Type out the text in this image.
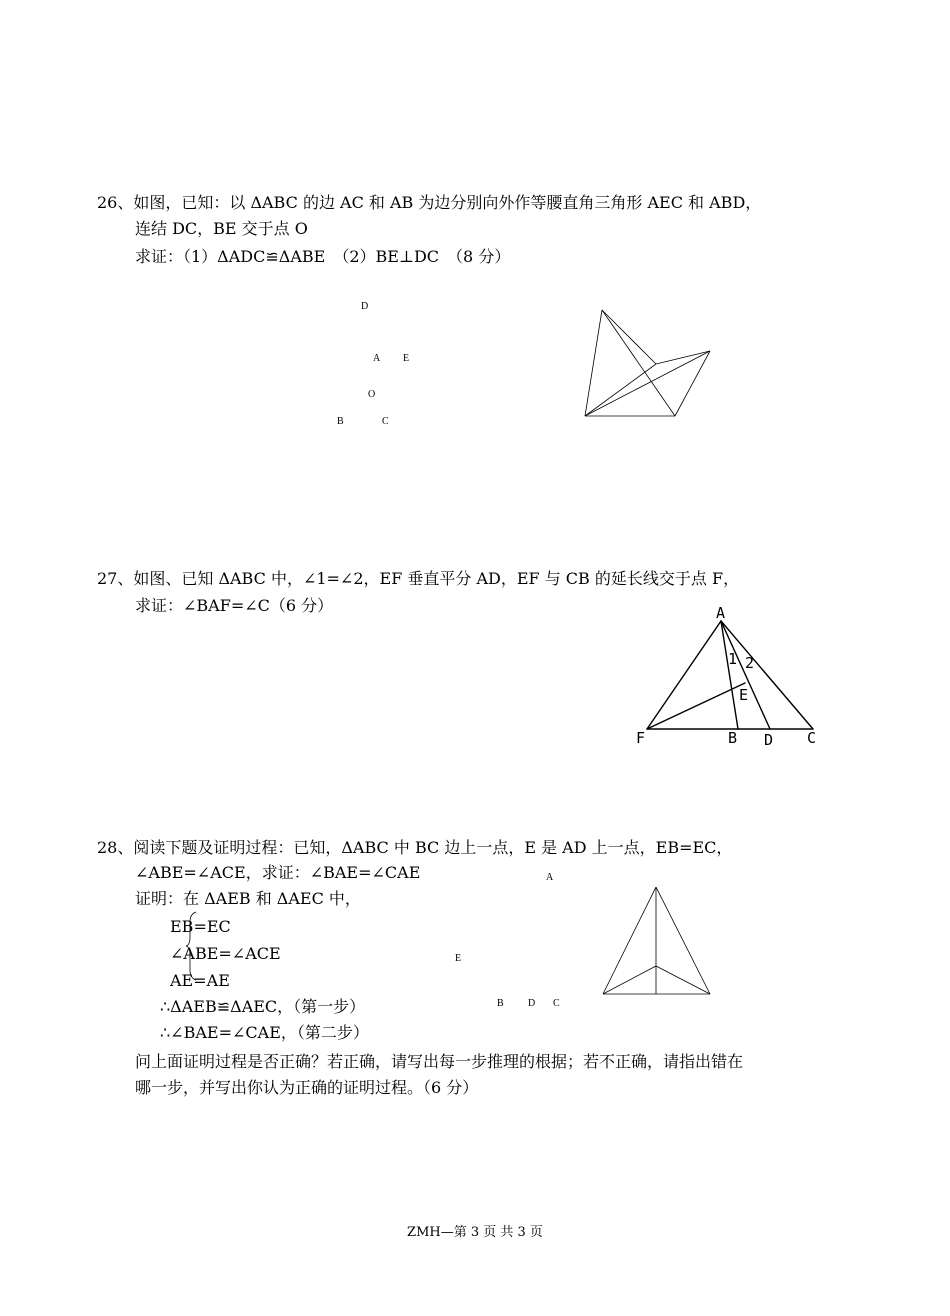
26、如图，已知：以 ΔABC 的边 AC 和 AB 为边分别向外作等腰直角三角形 AEC 和 ABD，
连结 DC，BE 交于点 O
求证：（1）ΔADC≌ΔABE　（2）BE⊥DC　（8 分）
D
A E
O
B	C
27、如图、已知 ΔABC 中，∠1=∠2，EF 垂直平分 AD，EF 与 CB 的延长线交于点 F，
求证：∠BAF=∠C（6 分）	A
1 2
E
F	B D C
28、阅读下题及证明过程：已知，ΔABC 中 BC 边上一点，E 是 AD 上一点，EB=EC，
∠ABE=∠ACE，求证：∠BAE=∠CAE
证明：在 ΔAEB 和 ΔAEC 中，
EB=EC
∠ABE=∠ACE
AE=AE
∴ΔAEB≌ΔAEC，（第一步）
∴∠BAE=∠CAE，（第二步）
问上面证明过程是否正确？若正确，请写出每一步推理的根据；若不正确，请指出错在
哪一步，并写出你认为正确的证明过程。（6 分）
A
E
B D C
ZMH—第 3 页 共 3 页
